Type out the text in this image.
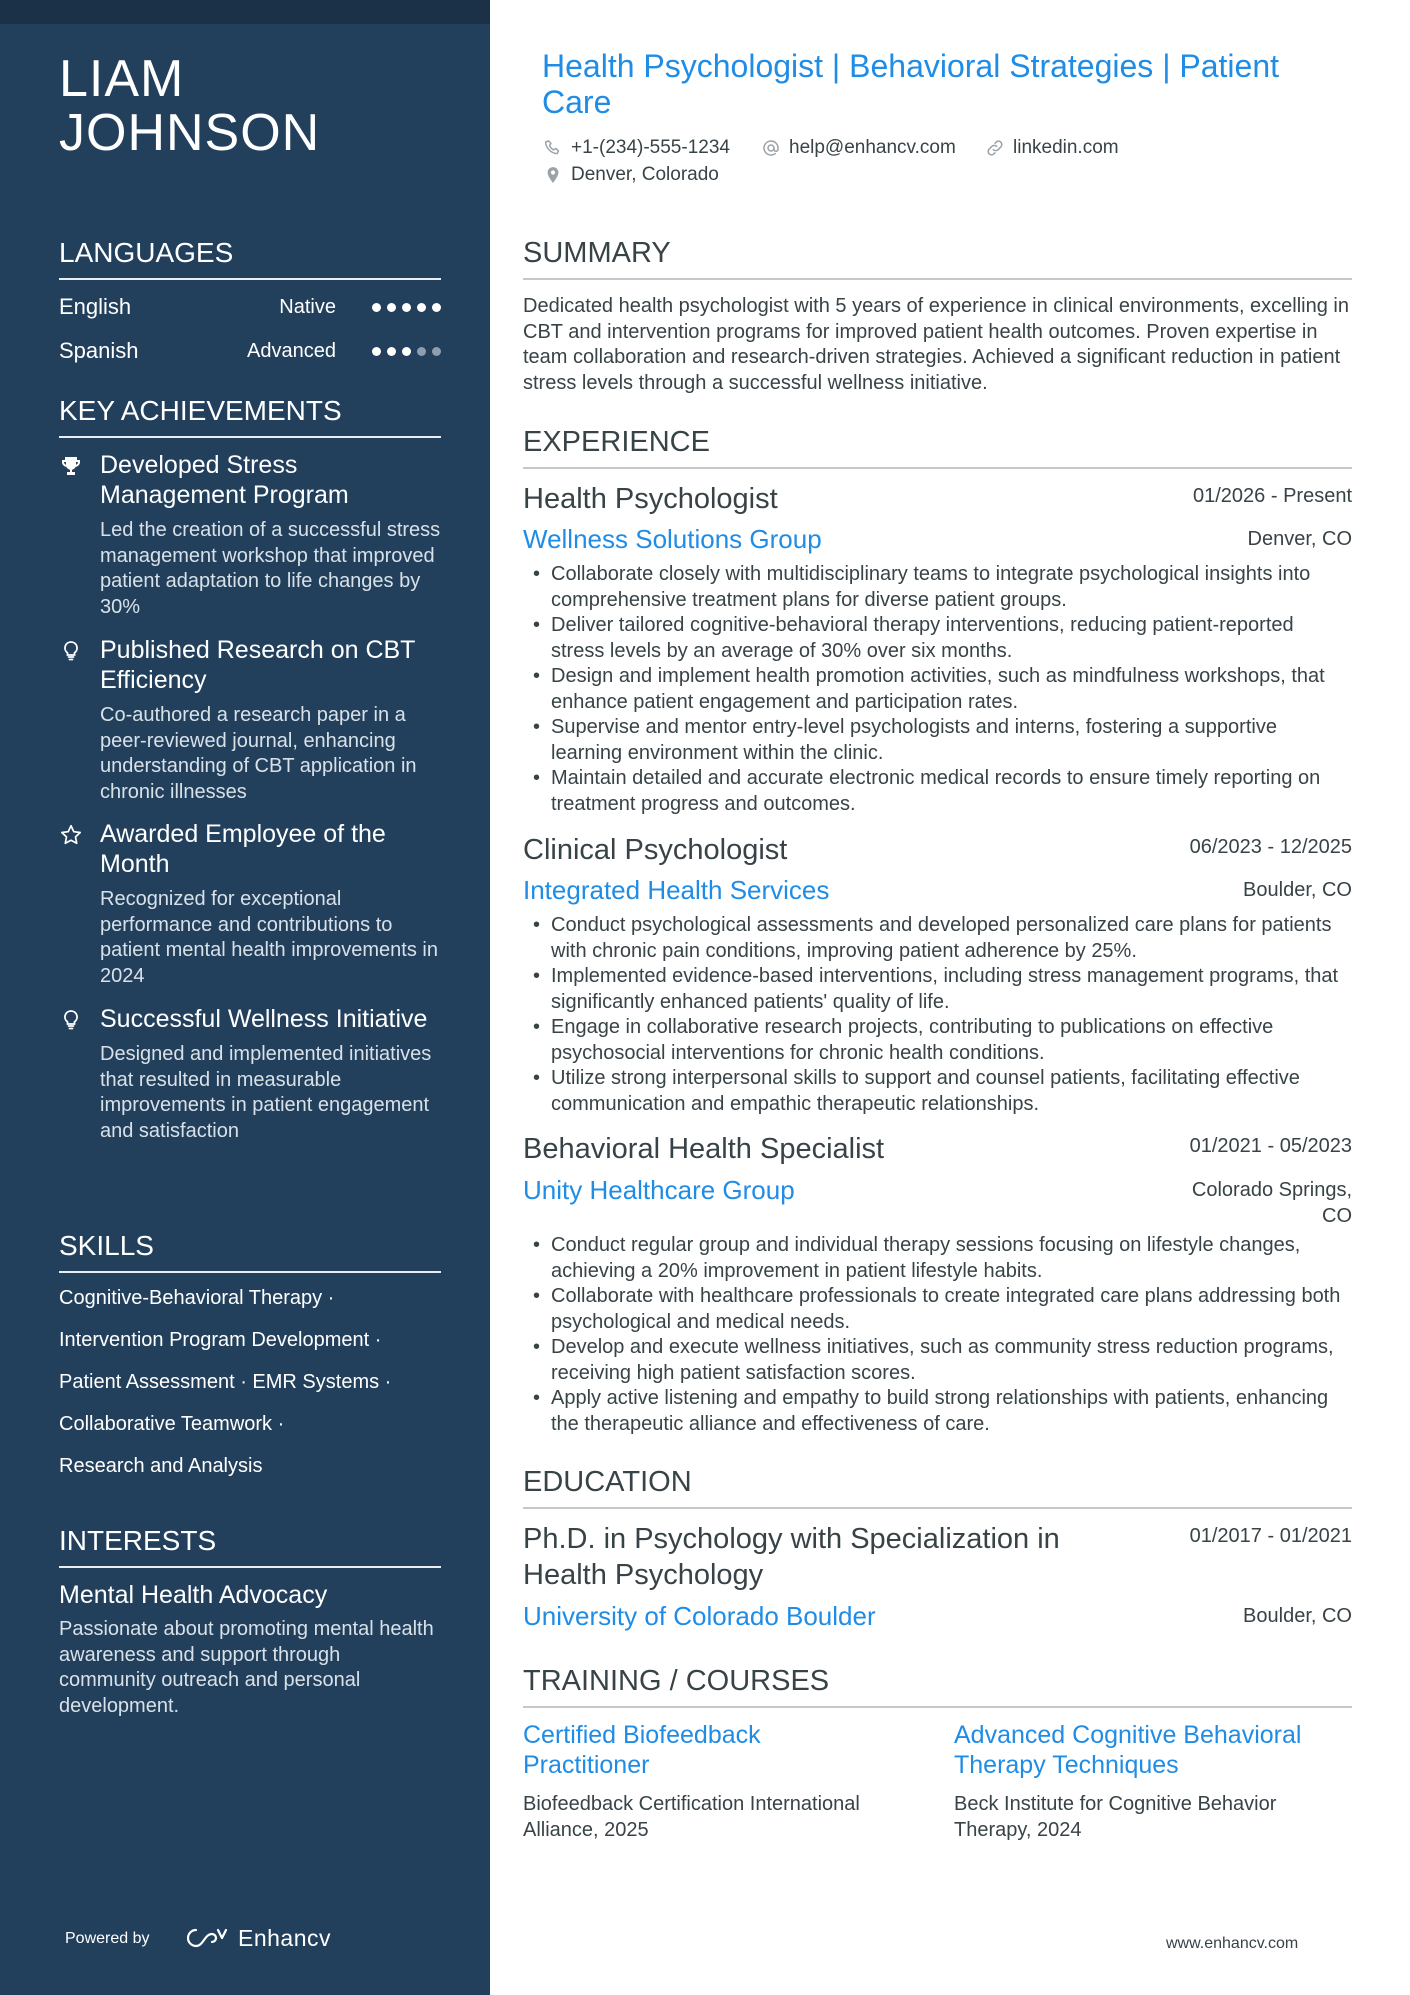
LIAM
JOHNSON
LANGUAGES
English	Native
Spanish	Advanced
KEY ACHIEVEMENTS
Developed Stress Management Program
Led the creation of a successful stress management workshop that improved patient adaptation to life changes by 30%
Published Research on CBT Efficiency
Co-authored a research paper in a peer-reviewed journal, enhancing understanding of CBT application in chronic illnesses
Awarded Employee of the Month
Recognized for exceptional performance and contributions to patient mental health improvements in 2024
Successful Wellness Initiative
Designed and implemented initiatives that resulted in measurable improvements in patient engagement and satisfaction
SKILLS
Cognitive-Behavioral Therapy ·
Intervention Program Development ·
Patient Assessment · EMR Systems ·
Collaborative Teamwork ·
Research and Analysis
INTERESTS
Mental Health Advocacy
Passionate about promoting mental health awareness and support through community outreach and personal development.
Powered by	Enhancv
Health Psychologist | Behavioral Strategies | Patient Care
+1-(234)-555-1234	help@enhancv.com	linkedin.com
Denver, Colorado
SUMMARY
Dedicated health psychologist with 5 years of experience in clinical environments, excelling in CBT and intervention programs for improved patient health outcomes. Proven expertise in team collaboration and research-driven strategies. Achieved a significant reduction in patient stress levels through a successful wellness initiative.
EXPERIENCE
Health Psychologist	01/2026 - Present
Wellness Solutions Group	Denver, CO
• Collaborate closely with multidisciplinary teams to integrate psychological insights into comprehensive treatment plans for diverse patient groups.
• Deliver tailored cognitive-behavioral therapy interventions, reducing patient-reported stress levels by an average of 30% over six months.
• Design and implement health promotion activities, such as mindfulness workshops, that enhance patient engagement and participation rates.
• Supervise and mentor entry-level psychologists and interns, fostering a supportive learning environment within the clinic.
• Maintain detailed and accurate electronic medical records to ensure timely reporting on treatment progress and outcomes.
Clinical Psychologist	06/2023 - 12/2025
Integrated Health Services	Boulder, CO
• Conduct psychological assessments and developed personalized care plans for patients with chronic pain conditions, improving patient adherence by 25%.
• Implemented evidence-based interventions, including stress management programs, that significantly enhanced patients' quality of life.
• Engage in collaborative research projects, contributing to publications on effective psychosocial interventions for chronic health conditions.
• Utilize strong interpersonal skills to support and counsel patients, facilitating effective communication and empathic therapeutic relationships.
Behavioral Health Specialist	01/2021 - 05/2023
Unity Healthcare Group	Colorado Springs,
CO
• Conduct regular group and individual therapy sessions focusing on lifestyle changes, achieving a 20% improvement in patient lifestyle habits.
• Collaborate with healthcare professionals to create integrated care plans addressing both psychological and medical needs.
• Develop and execute wellness initiatives, such as community stress reduction programs, receiving high patient satisfaction scores.
• Apply active listening and empathy to build strong relationships with patients, enhancing the therapeutic alliance and effectiveness of care.
EDUCATION
Ph.D. in Psychology with Specialization in Health Psychology
01/2017 - 01/2021
University of Colorado Boulder	Boulder, CO
TRAINING / COURSES
Certified Biofeedback Practitioner
Biofeedback Certification International Alliance, 2025
Advanced Cognitive Behavioral Therapy Techniques
Beck Institute for Cognitive Behavior Therapy, 2024
www.enhancv.com
